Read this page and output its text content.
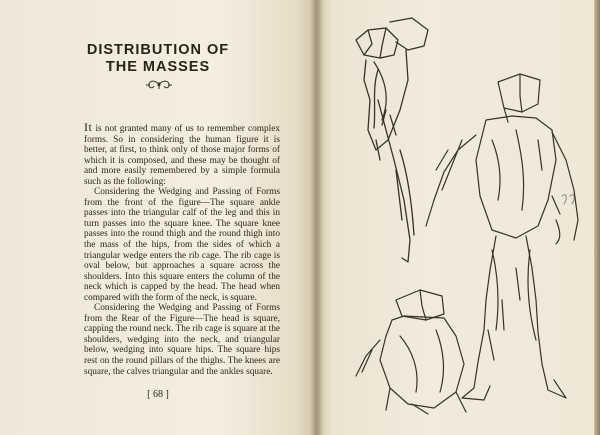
DISTRIBUTION OF
THE MASSES

It is not granted many of us to remember complex forms. So in considering the human figure it is better, at first, to think only of those major forms of which it is composed, and these may be thought of and more easily remembered by a simple formula such as the following:

Considering the Wedging and Passing of Forms from the front of the figure—The square ankle passes into the triangular calf of the leg and this in turn passes into the square knee. The square knee passes into the round thigh and the round thigh into the mass of the hips, from the sides of which a triangular wedge enters the rib cage. The rib cage is oval below, but approaches a square across the shoulders. Into this square enters the column of the neck which is capped by the head. The head when compared with the form of the neck, is square.

Considering the Wedging and Passing of Forms from the Rear of the Figure—The head is square, capping the round neck. The rib cage is square at the shoulders, wedging into the neck, and triangular below, wedging into square hips. The square hips rest on the round pillars of the thighs. The knees are square, the calves triangular and the ankles square.

[ 68 ]
